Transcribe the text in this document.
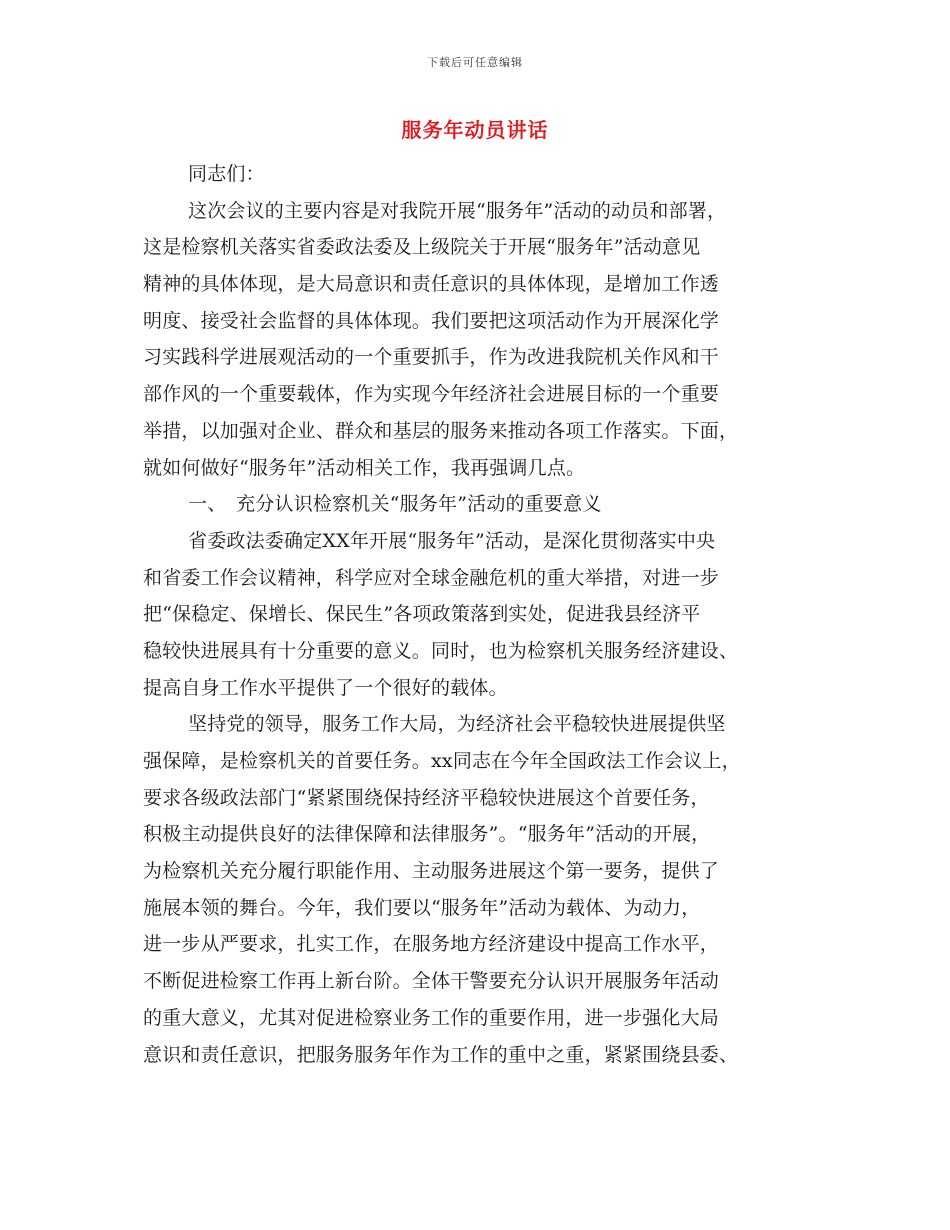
下载后可任意编辑
服务年动员讲话
同志们：
这次会议的主要内容是对我院开展“服务年”活动的动员和部署，
这是检察机关落实省委政法委及上级院关于开展“服务年”活动意见
精神的具体体现，是大局意识和责任意识的具体体现，是增加工作透
明度、接受社会监督的具体体现。我们要把这项活动作为开展深化学
习实践科学进展观活动的一个重要抓手，作为改进我院机关作风和干
部作风的一个重要载体，作为实现今年经济社会进展目标的一个重要
举措，以加强对企业、群众和基层的服务来推动各项工作落实。下面，
就如何做好“服务年”活动相关工作，我再强调几点。
一、　充分认识检察机关“服务年”活动的重要意义
省委政法委确定XX年开展“服务年”活动，是深化贯彻落实中央
和省委工作会议精神，科学应对全球金融危机的重大举措，对进一步
把“保稳定、保增长、保民生”各项政策落到实处，促进我县经济平
稳较快进展具有十分重要的意义。同时，也为检察机关服务经济建设、
提高自身工作水平提供了一个很好的载体。
坚持党的领导，服务工作大局，为经济社会平稳较快进展提供坚
强保障，是检察机关的首要任务。xx同志在今年全国政法工作会议上，
要求各级政法部门“紧紧围绕保持经济平稳较快进展这个首要任务，
积极主动提供良好的法律保障和法律服务”。“服务年”活动的开展，
为检察机关充分履行职能作用、主动服务进展这个第一要务，提供了
施展本领的舞台。今年，我们要以“服务年”活动为载体、为动力，
进一步从严要求，扎实工作，在服务地方经济建设中提高工作水平，
不断促进检察工作再上新台阶。全体干警要充分认识开展服务年活动
的重大意义，尤其对促进检察业务工作的重要作用，进一步强化大局
意识和责任意识，把服务服务年作为工作的重中之重，紧紧围绕县委、
